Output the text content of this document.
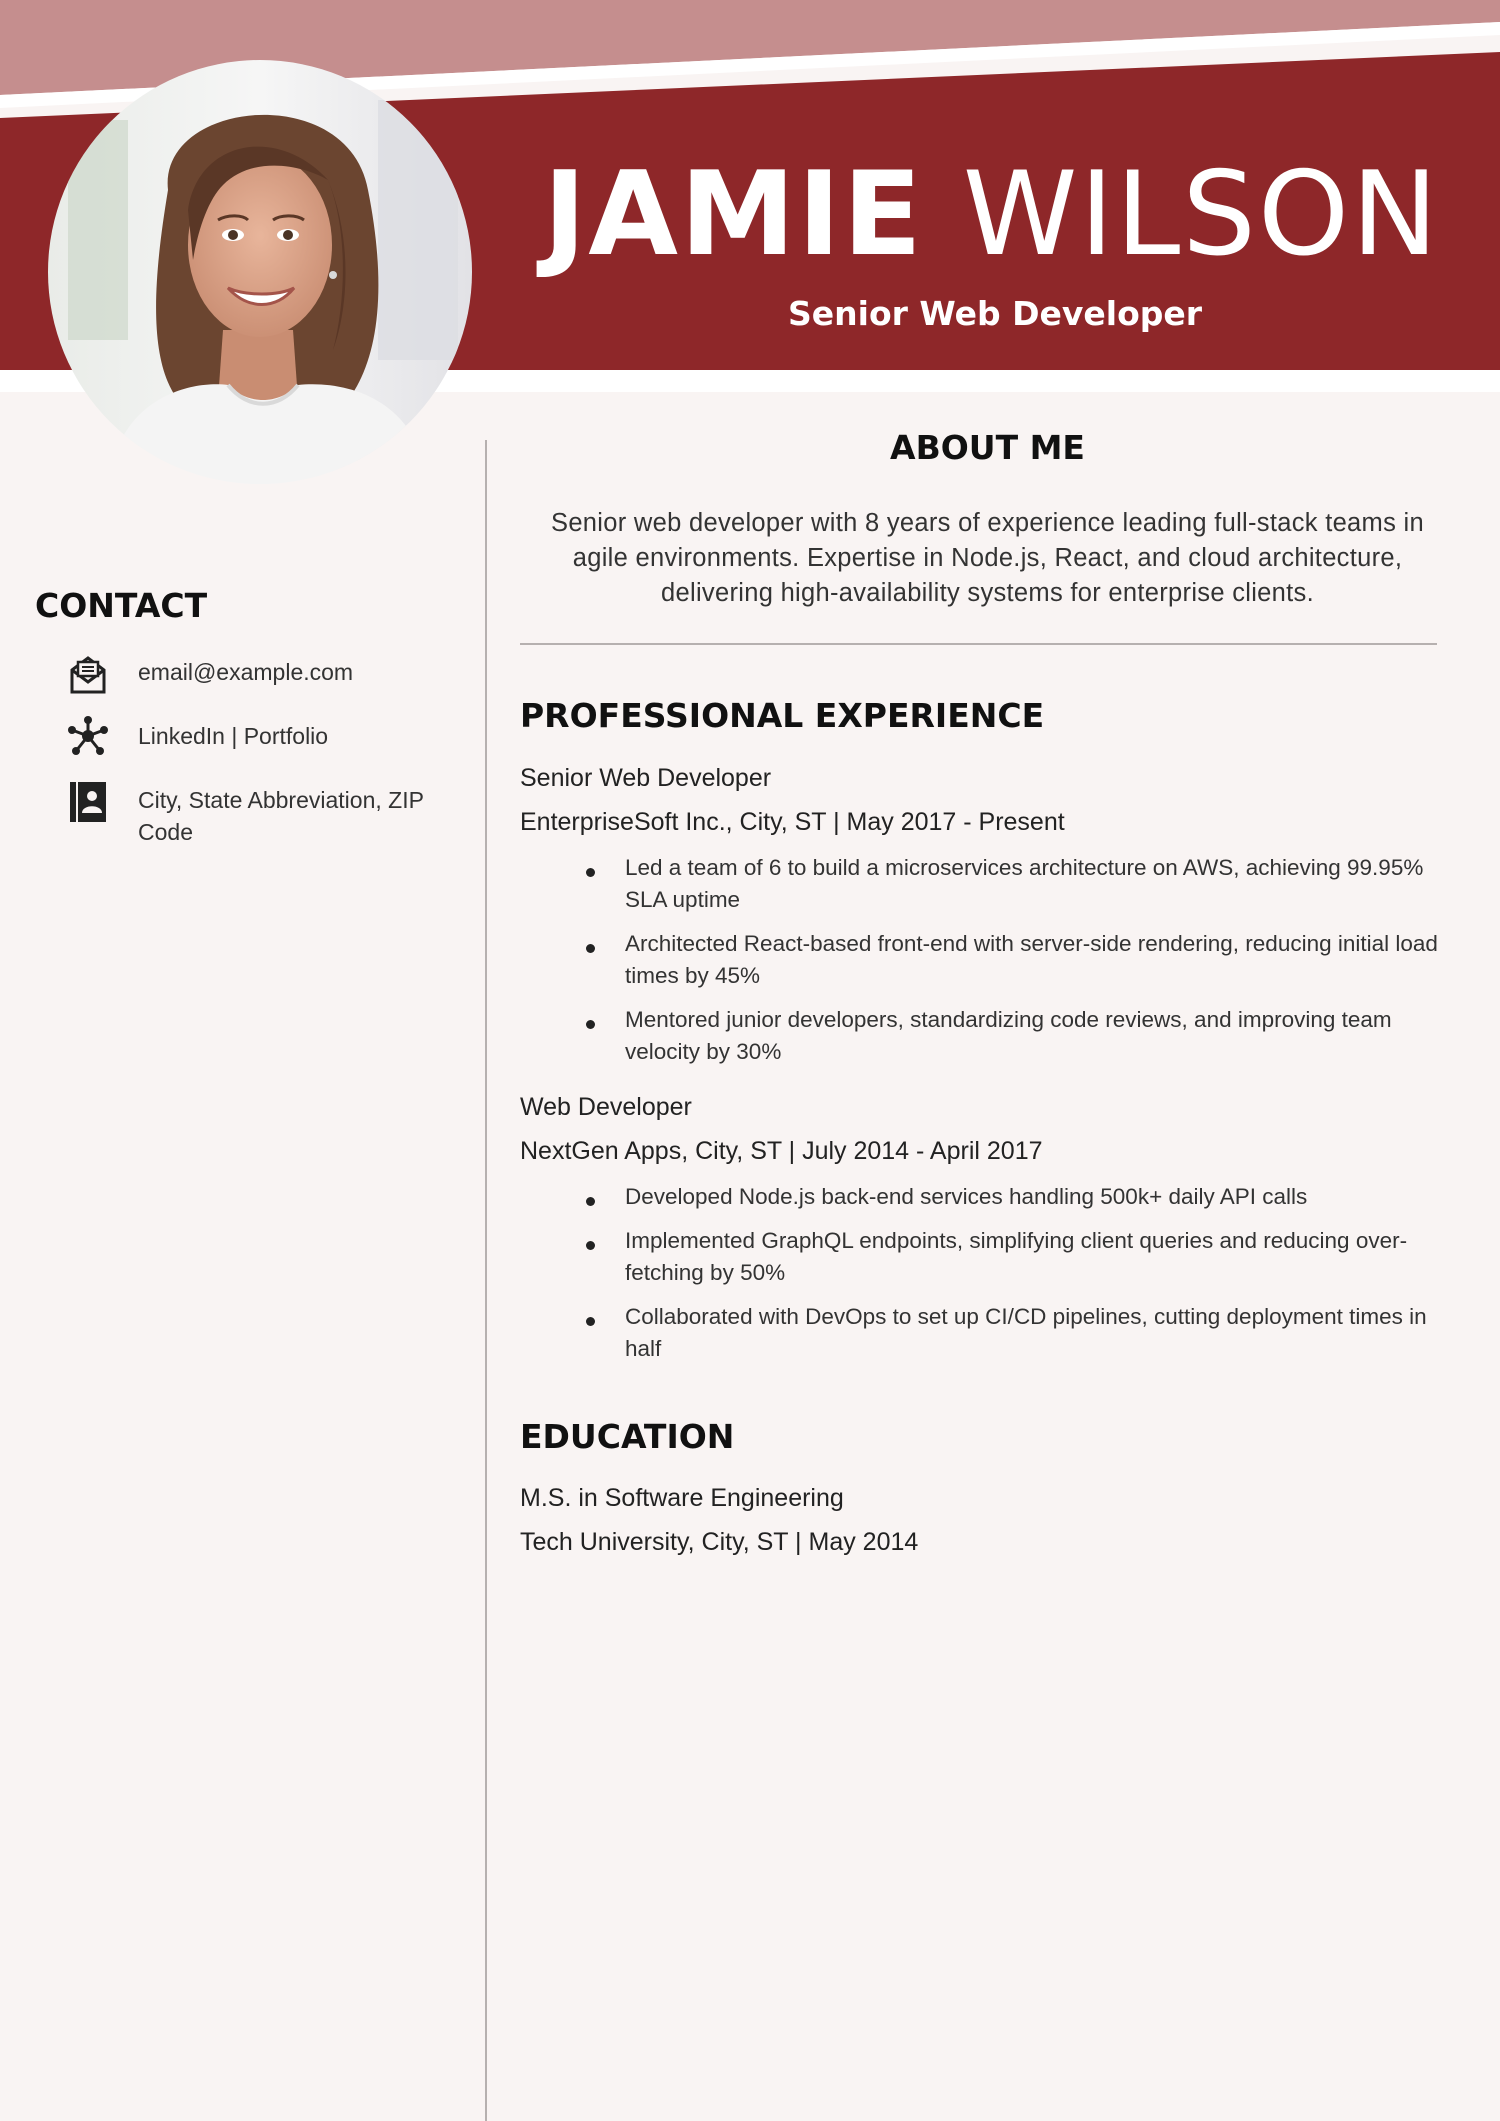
JAMIE WILSON
Senior Web Developer
CONTACT
email@example.com
LinkedIn | Portfolio
City, State Abbreviation, ZIP Code
ABOUT ME
Senior web developer with 8 years of experience leading full-stack teams in agile environments. Expertise in Node.js, React, and cloud architecture, delivering high-availability systems for enterprise clients.
PROFESSIONAL EXPERIENCE
Senior Web Developer
EnterpriseSoft Inc., City, ST | May 2017 - Present
Led a team of 6 to build a microservices architecture on AWS, achieving 99.95% SLA uptime
Architected React-based front-end with server-side rendering, reducing initial load times by 45%
Mentored junior developers, standardizing code reviews, and improving team velocity by 30%
Web Developer
NextGen Apps, City, ST | July 2014 - April 2017
Developed Node.js back-end services handling 500k+ daily API calls
Implemented GraphQL endpoints, simplifying client queries and reducing over-fetching by 50%
Collaborated with DevOps to set up CI/CD pipelines, cutting deployment times in half
EDUCATION
M.S. in Software Engineering
Tech University, City, ST | May 2014
